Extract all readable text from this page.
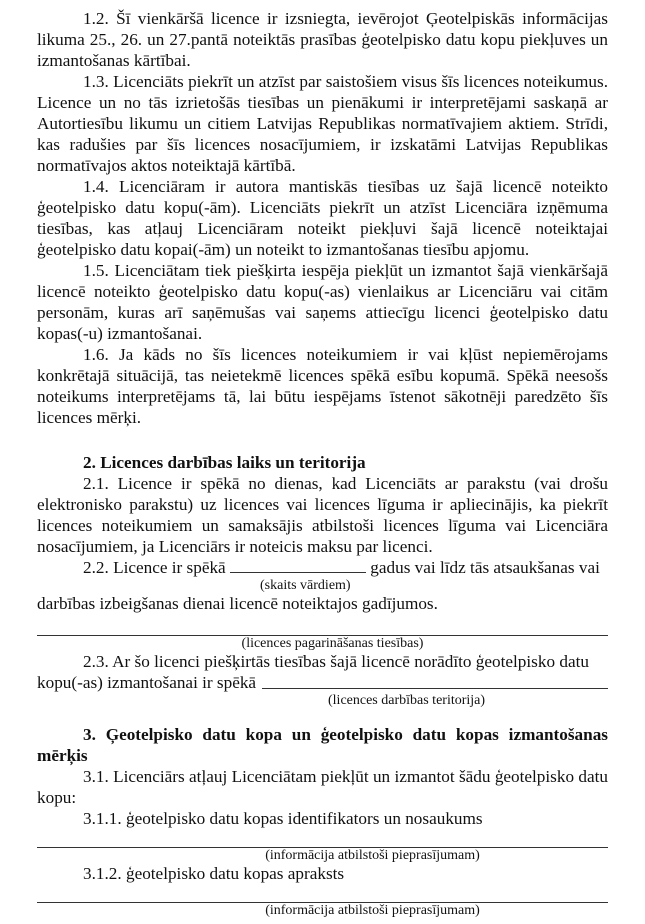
1.2. Šī vienkāršā licence ir izsniegta, ievērojot Ģeotelpiskās informācijas likuma 25., 26. un 27.pantā noteiktās prasības ģeotelpisko datu kopu piekļuves un izmantošanas kārtībai.

1.3. Licenciāts piekrīt un atzīst par saistošiem visus šīs licences noteikumus. Licence un no tās izrietošās tiesības un pienākumi ir interpretējami saskaņā ar Autortiesību likumu un citiem Latvijas Republikas normatīvajiem aktiem. Strīdi, kas radušies par šīs licences nosacījumiem, ir izskatāmi Latvijas Republikas normatīvajos aktos noteiktajā kārtībā.

1.4. Licenciāram ir autora mantiskās tiesības uz šajā licencē noteikto ģeotelpisko datu kopu(-ām). Licenciāts piekrīt un atzīst Licenciāra izņēmuma tiesības, kas atļauj Licenciāram noteikt piekļuvi šajā licencē noteiktajai ģeotelpisko datu kopai(-ām) un noteikt to izmantošanas tiesību apjomu.

1.5. Licenciātam tiek piešķirta iespēja piekļūt un izmantot šajā vienkāršajā licencē noteikto ģeotelpisko datu kopu(-as) vienlaikus ar Licenciāru vai citām personām, kuras arī saņēmušas vai saņems attiecīgu licenci ģeotelpisko datu kopas(-u) izmantošanai.

1.6. Ja kāds no šīs licences noteikumiem ir vai kļūst nepiemērojams konkrētajā situācijā, tas neietekmē licences spēkā esību kopumā. Spēkā neesošs noteikums interpretējams tā, lai būtu iespējams īstenot sākotnēji paredzēto šīs licences mērķi.

2. Licences darbības laiks un teritorija

2.1. Licence ir spēkā no dienas, kad Licenciāts ar parakstu (vai drošu elektronisko parakstu) uz licences vai licences līguma ir apliecinājis, ka piekrīt licences noteikumiem un samaksājis atbilstoši licences līguma vai Licenciāra nosacījumiem, ja Licenciārs ir noteicis maksu par licenci.

2.2. Licence ir spēkā	gadus vai līdz tās atsaukšanas vai
(skaits vārdiem)
darbības izbeigšanas dienai licencē noteiktajos gadījumos.
(licences pagarināšanas tiesības)

2.3. Ar šo licenci piešķirtās tiesības šajā licencē norādīto ģeotelpisko datu

kopu(-as) izmantošanai ir spēkā
(licences darbības teritorija)
3. Ģeotelpisko datu kopa un ģeotelpisko datu kopas izmantošanas mērķis

3.1. Licenciārs atļauj Licenciātam piekļūt un izmantot šādu ģeotelpisko datu kopu:

3.1.1. ģeotelpisko datu kopas identifikators un nosaukums

(informācija atbilstoši pieprasījumam)

3.1.2. ģeotelpisko datu kopas apraksts

(informācija atbilstoši pieprasījumam)
